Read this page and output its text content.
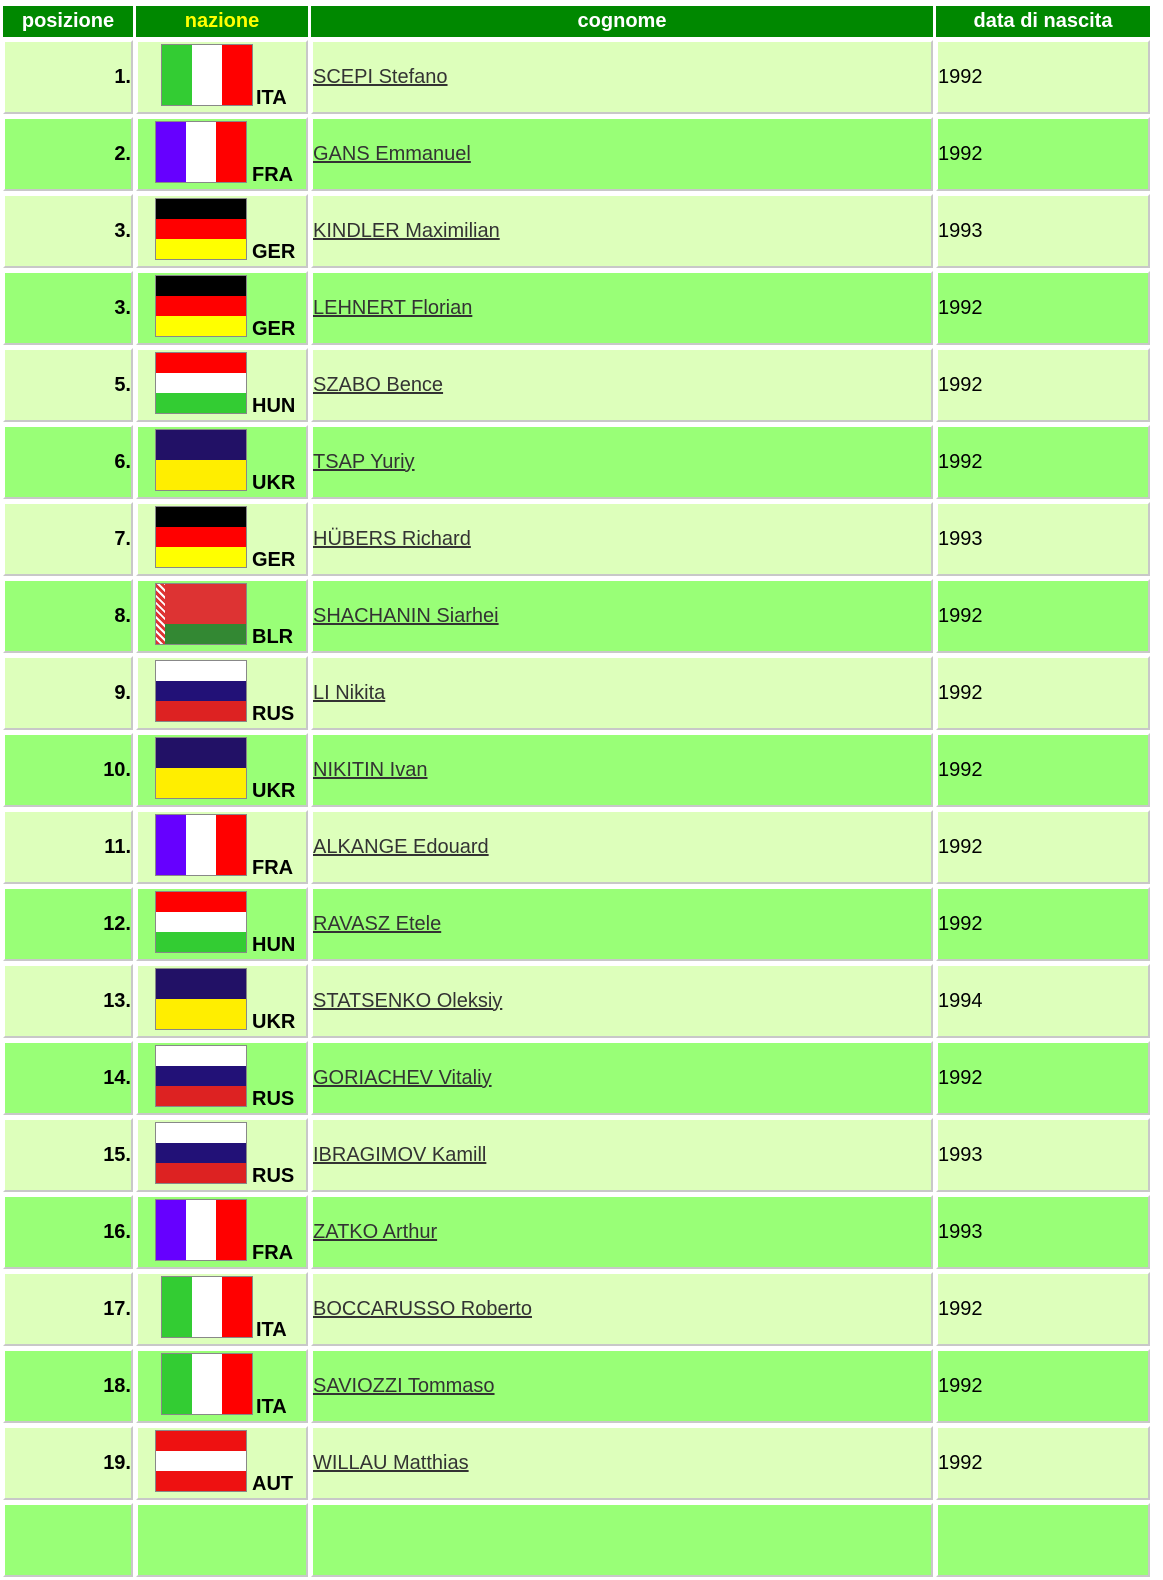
posizione	nazione	cognome	data di nascita
1.	ITA	SCEPI Stefano	1992
2.	FRA	GANS Emmanuel	1992
3.	GER	KINDLER Maximilian	1993
3.	GER	LEHNERT Florian	1992
5.	HUN	SZABO Bence	1992
6.	UKR	TSAP Yuriy	1992
7.	GER	HÜBERS Richard	1993
8.	BLR	SHACHANIN Siarhei	1992
9.	RUS	LI Nikita	1992
10.	UKR	NIKITIN Ivan	1992
11.	FRA	ALKANGE Edouard	1992
12.	HUN	RAVASZ Etele	1992
13.	UKR	STATSENKO Oleksiy	1994
14.	RUS	GORIACHEV Vitaliy	1992
15.	RUS	IBRAGIMOV Kamill	1993
16.	FRA	ZATKO Arthur	1993
17.	ITA	BOCCARUSSO Roberto	1992
18.	ITA	SAVIOZZI Tommaso	1992
19.	AUT	WILLAU Matthias	1992
